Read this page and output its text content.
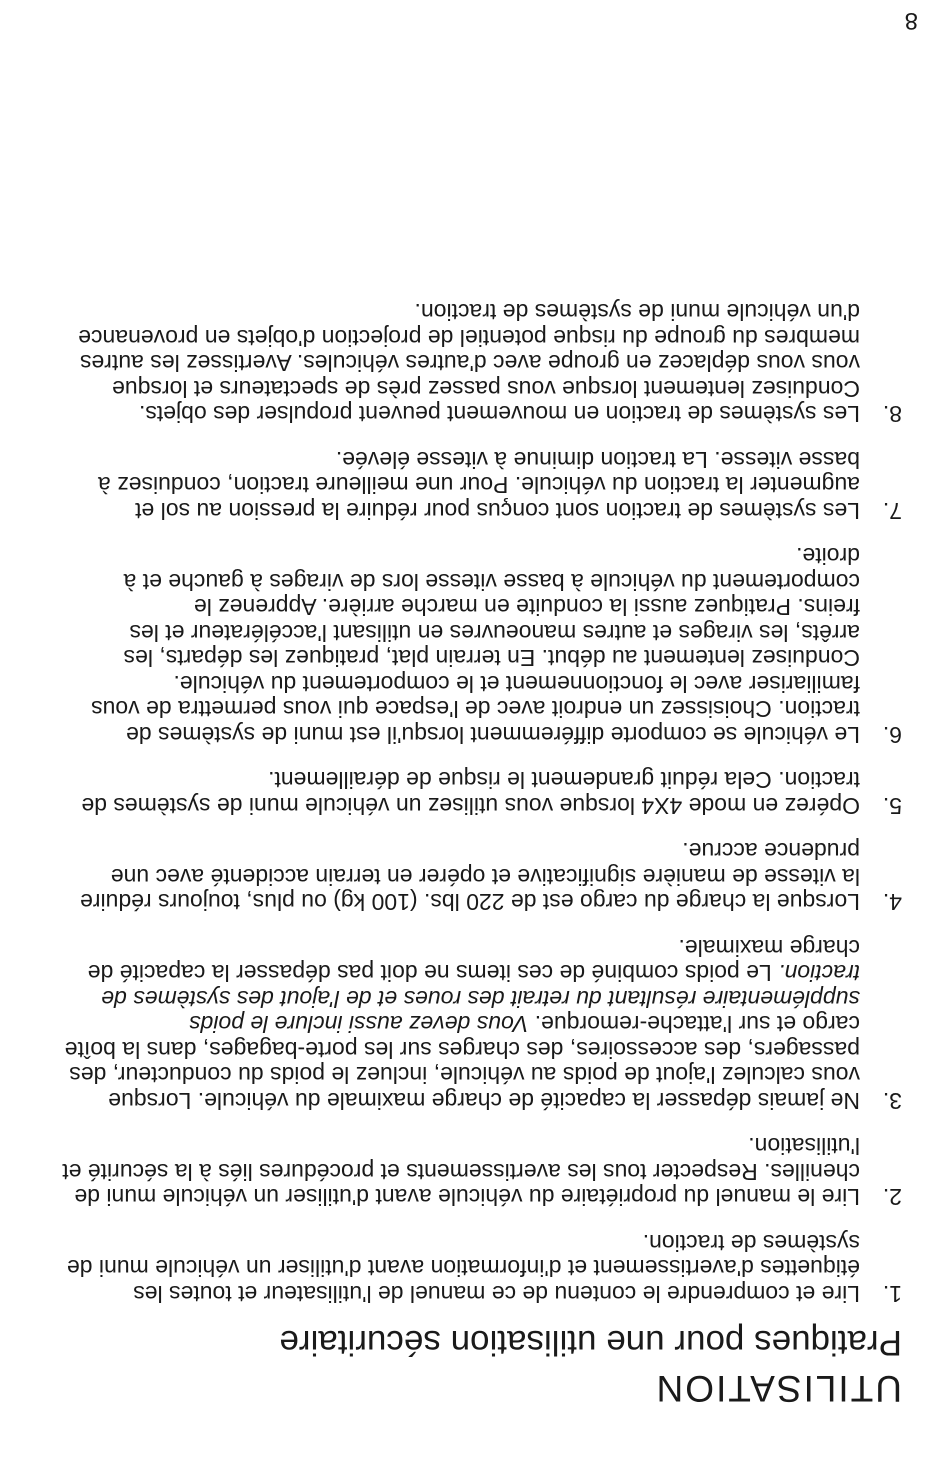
UTILISATION
Pratiques pour une utilisation sécuritaire
1.
Lire et comprendre le contenu de ce manuel de l'utilisateur et toutes les étiquettes d'avertissement et d'information avant d'utiliser un véhicule muni de systèmes de traction.
2.
Lire le manuel du propriétaire du véhicule avant d'utiliser un véhicule muni de chenilles. Respecter tous les avertissements et procédures liés à la sécurité et l'utilisation.
3.
Ne jamais dépasser la capacité de charge maximale du véhicule. Lorsque vous calculez l'ajout de poids au véhicule, incluez le poids du conducteur, des passagers, des accessoires, des charges sur les porte-bagages, dans la boîte cargo et sur l'attache-remorque. Vous devez aussi inclure le poids supplémentaire résultant du retrait des roues et de l'ajout des systèmes de traction. Le poids combiné de ces items ne doit pas dépasser la capacité de charge maximale.
4.
Lorsque la charge du cargo est de 220 lbs. (100 kg) ou plus, toujours réduire la vitesse de manière significative et opérer en terrain accidenté avec une prudence accrue.
5.
Opérez en mode 4X4 lorsque vous utilisez un véhicule muni de systèmes de traction. Cela réduit grandement le risque de déraillement.
6.
Le véhicule se comporte différemment lorsqu'il est muni de systèmes de traction. Choisissez un endroit avec de l'espace qui vous permettra de vous familiariser avec le fonctionnement et le comportement du véhicule. Conduisez lentement au début. En terrain plat, pratiquez les départs, les arrêts, les virages et autres manoeuvres en utilisant l'accélérateur et les freins. Pratiquez aussi la conduite en marche arrière. Apprenez le comportement du véhicule à basse vitesse lors de virages à gauche et à droite.
7.
Les systèmes de traction sont conçus pour réduire la pression au sol et augmenter la traction du véhicule. Pour une meilleure traction, conduisez à basse vitesse. La traction diminue à vitesse élevée.
8.
Les systèmes de traction en mouvement peuvent propulser des objets. Conduisez lentement lorsque vous passez près de spectateurs et lorsque vous vous déplacez en groupe avec d'autres véhicules. Avertissez les autres membres du groupe du risque potentiel de projection d'objets en provenance d'un véhicule muni de systèmes de traction.
8
